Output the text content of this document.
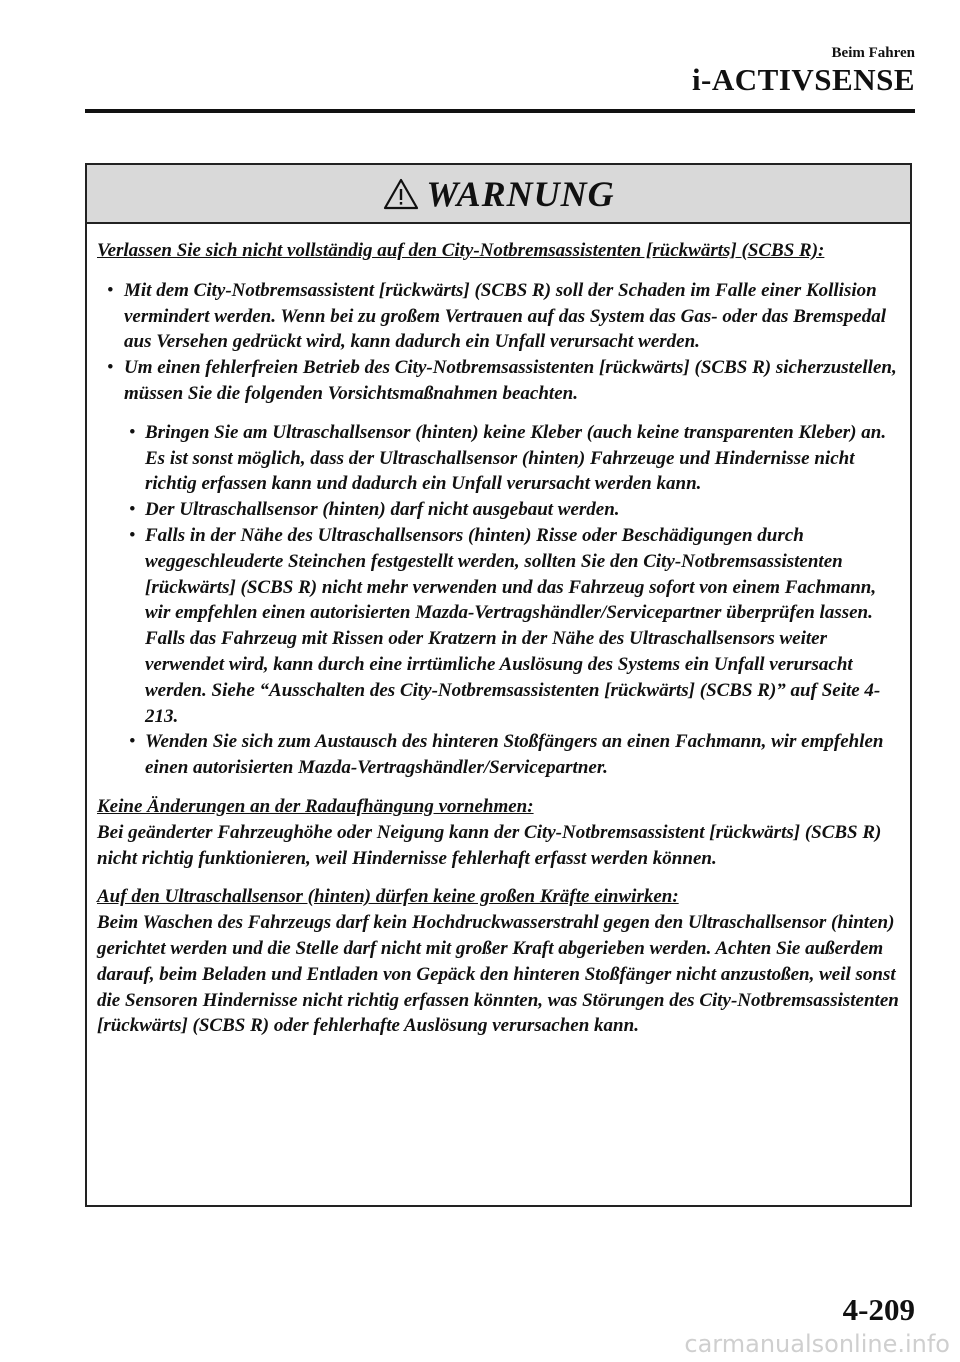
Beim Fahren
i-ACTIVSENSE
WARNUNG

Verlassen Sie sich nicht vollständig auf den City-Notbremsassistenten [rückwärts] (SCBS R):

• Mit dem City-Notbremsassistent [rückwärts] (SCBS R) soll der Schaden im Falle einer Kollision vermindert werden. Wenn bei zu großem Vertrauen auf das System das Gas- oder das Bremspedal aus Versehen gedrückt wird, kann dadurch ein Unfall verursacht werden.
• Um einen fehlerfreien Betrieb des City-Notbremsassistenten [rückwärts] (SCBS R) sicherzustellen, müssen Sie die folgenden Vorsichtsmaßnahmen beachten.
• Bringen Sie am Ultraschallsensor (hinten) keine Kleber (auch keine transparenten Kleber) an. Es ist sonst möglich, dass der Ultraschallsensor (hinten) Fahrzeuge und Hindernisse nicht richtig erfassen kann und dadurch ein Unfall verursacht werden kann.
• Der Ultraschallsensor (hinten) darf nicht ausgebaut werden.
• Falls in der Nähe des Ultraschallsensors (hinten) Risse oder Beschädigungen durch weggeschleuderte Steinchen festgestellt werden, sollten Sie den City-Notbremsassistenten [rückwärts] (SCBS R) nicht mehr verwenden und das Fahrzeug sofort von einem Fachmann, wir empfehlen einen autorisierten Mazda-Vertragshändler/Servicepartner überprüfen lassen. Falls das Fahrzeug mit Rissen oder Kratzern in der Nähe des Ultraschallsensors weiter verwendet wird, kann durch eine irrtümliche Auslösung des Systems ein Unfall verursacht werden. Siehe “Ausschalten des City-Notbremsassistenten [rückwärts] (SCBS R)” auf Seite 4-213.
• Wenden Sie sich zum Austausch des hinteren Stoßfängers an einen Fachmann, wir empfehlen einen autorisierten Mazda-Vertragshändler/Servicepartner.

Keine Änderungen an der Radaufhängung vornehmen:

Bei geänderter Fahrzeughöhe oder Neigung kann der City-Notbremsassistent [rückwärts] (SCBS R) nicht richtig funktionieren, weil Hindernisse fehlerhaft erfasst werden können.

Auf den Ultraschallsensor (hinten) dürfen keine großen Kräfte einwirken:

Beim Waschen des Fahrzeugs darf kein Hochdruckwasserstrahl gegen den Ultraschallsensor (hinten) gerichtet werden und die Stelle darf nicht mit großer Kraft abgerieben werden. Achten Sie außerdem darauf, beim Beladen und Entladen von Gepäck den hinteren Stoßfänger nicht anzustoßen, weil sonst die Sensoren Hindernisse nicht richtig erfassen könnten, was Störungen des City-Notbremsassistenten [rückwärts] (SCBS R) oder fehlerhafte Auslösung verursachen kann.

4-209
carmanualsonline.info
